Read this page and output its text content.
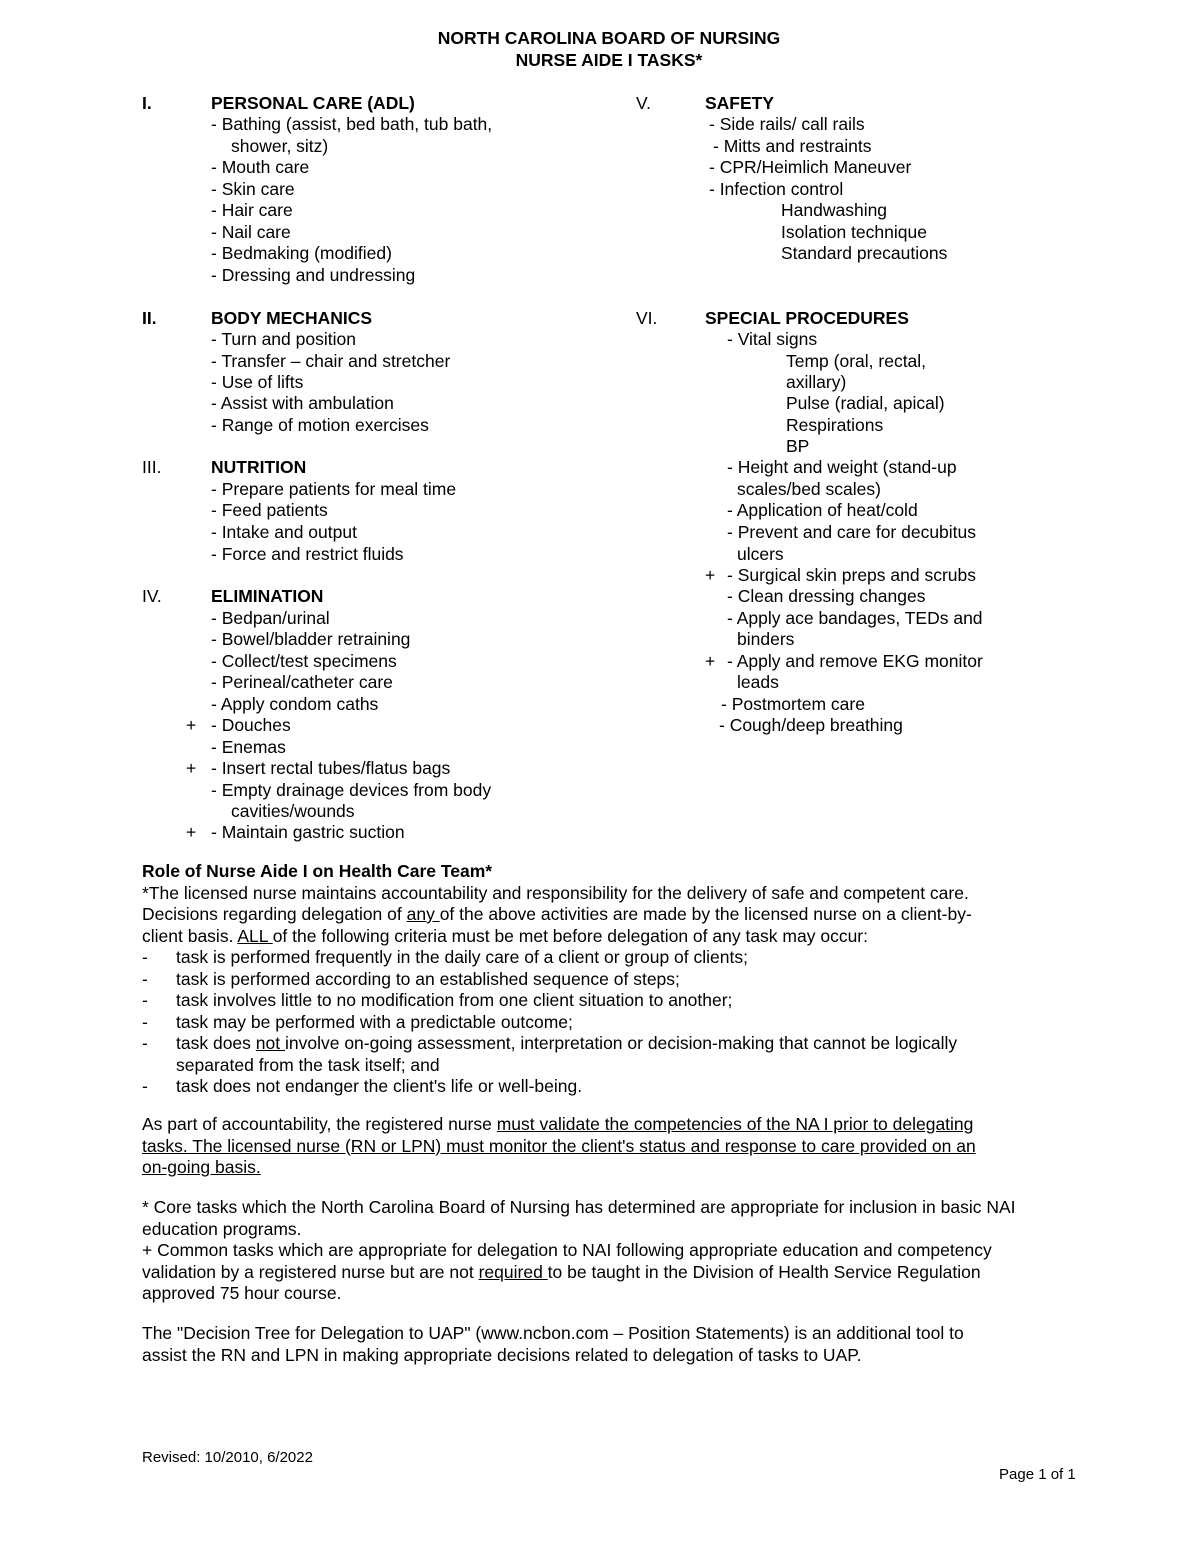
NORTH CAROLINA BOARD OF NURSING
NURSE AIDE I TASKS*
I.	PERSONAL CARE (ADL)
- Bathing (assist, bed bath, tub bath,
shower, sitz)
- Mouth care
- Skin care
- Hair care
- Nail care
- Bedmaking (modified)
- Dressing and undressing
II.	BODY MECHANICS
- Turn and position
- Transfer – chair and stretcher
- Use of lifts
- Assist with ambulation
- Range of motion exercises
III.	NUTRITION
- Prepare patients for meal time
- Feed patients
- Intake and output
- Force and restrict fluids
IV.	ELIMINATION
- Bedpan/urinal
- Bowel/bladder retraining
- Collect/test specimens
- Perineal/catheter care
- Apply condom caths
+ - Douches
- Enemas
+ - Insert rectal tubes/flatus bags
- Empty drainage devices from body
cavities/wounds
+ - Maintain gastric suction
V.	SAFETY
- Side rails/ call rails
- Mitts and restraints
- CPR/Heimlich Maneuver
- Infection control
Handwashing
Isolation technique
Standard precautions
VI.	SPECIAL PROCEDURES
- Vital signs
Temp (oral, rectal,
axillary)
Pulse (radial, apical)
Respirations
BP
- Height and weight (stand-up
scales/bed scales)
- Application of heat/cold
- Prevent and care for decubitus
ulcers
+ - Surgical skin preps and scrubs
- Clean dressing changes
- Apply ace bandages, TEDs and
binders
+ - Apply and remove EKG monitor
leads
- Postmortem care
- Cough/deep breathing
Role of Nurse Aide I on Health Care Team*
*The licensed nurse maintains accountability and responsibility for the delivery of safe and competent care.
Decisions regarding delegation of any of the above activities are made by the licensed nurse on a client-by-
client basis. ALL of the following criteria must be met before delegation of any task may occur:
- task is performed frequently in the daily care of a client or group of clients;
- task is performed according to an established sequence of steps;
- task involves little to no modification from one client situation to another;
- task may be performed with a predictable outcome;
- task does not involve on-going assessment, interpretation or decision-making that cannot be logically
separated from the task itself; and
- task does not endanger the client's life or well-being.
As part of accountability, the registered nurse must validate the competencies of the NA I prior to delegating
tasks. The licensed nurse (RN or LPN) must monitor the client's status and response to care provided on an
on-going basis.
* Core tasks which the North Carolina Board of Nursing has determined are appropriate for inclusion in basic NAI
education programs.
+ Common tasks which are appropriate for delegation to NAI following appropriate education and competency
validation by a registered nurse but are not required to be taught in the Division of Health Service Regulation
approved 75 hour course.
The "Decision Tree for Delegation to UAP" (www.ncbon.com – Position Statements) is an additional tool to
assist the RN and LPN in making appropriate decisions related to delegation of tasks to UAP.
Revised: 10/2010, 6/2022
Page 1 of 1
